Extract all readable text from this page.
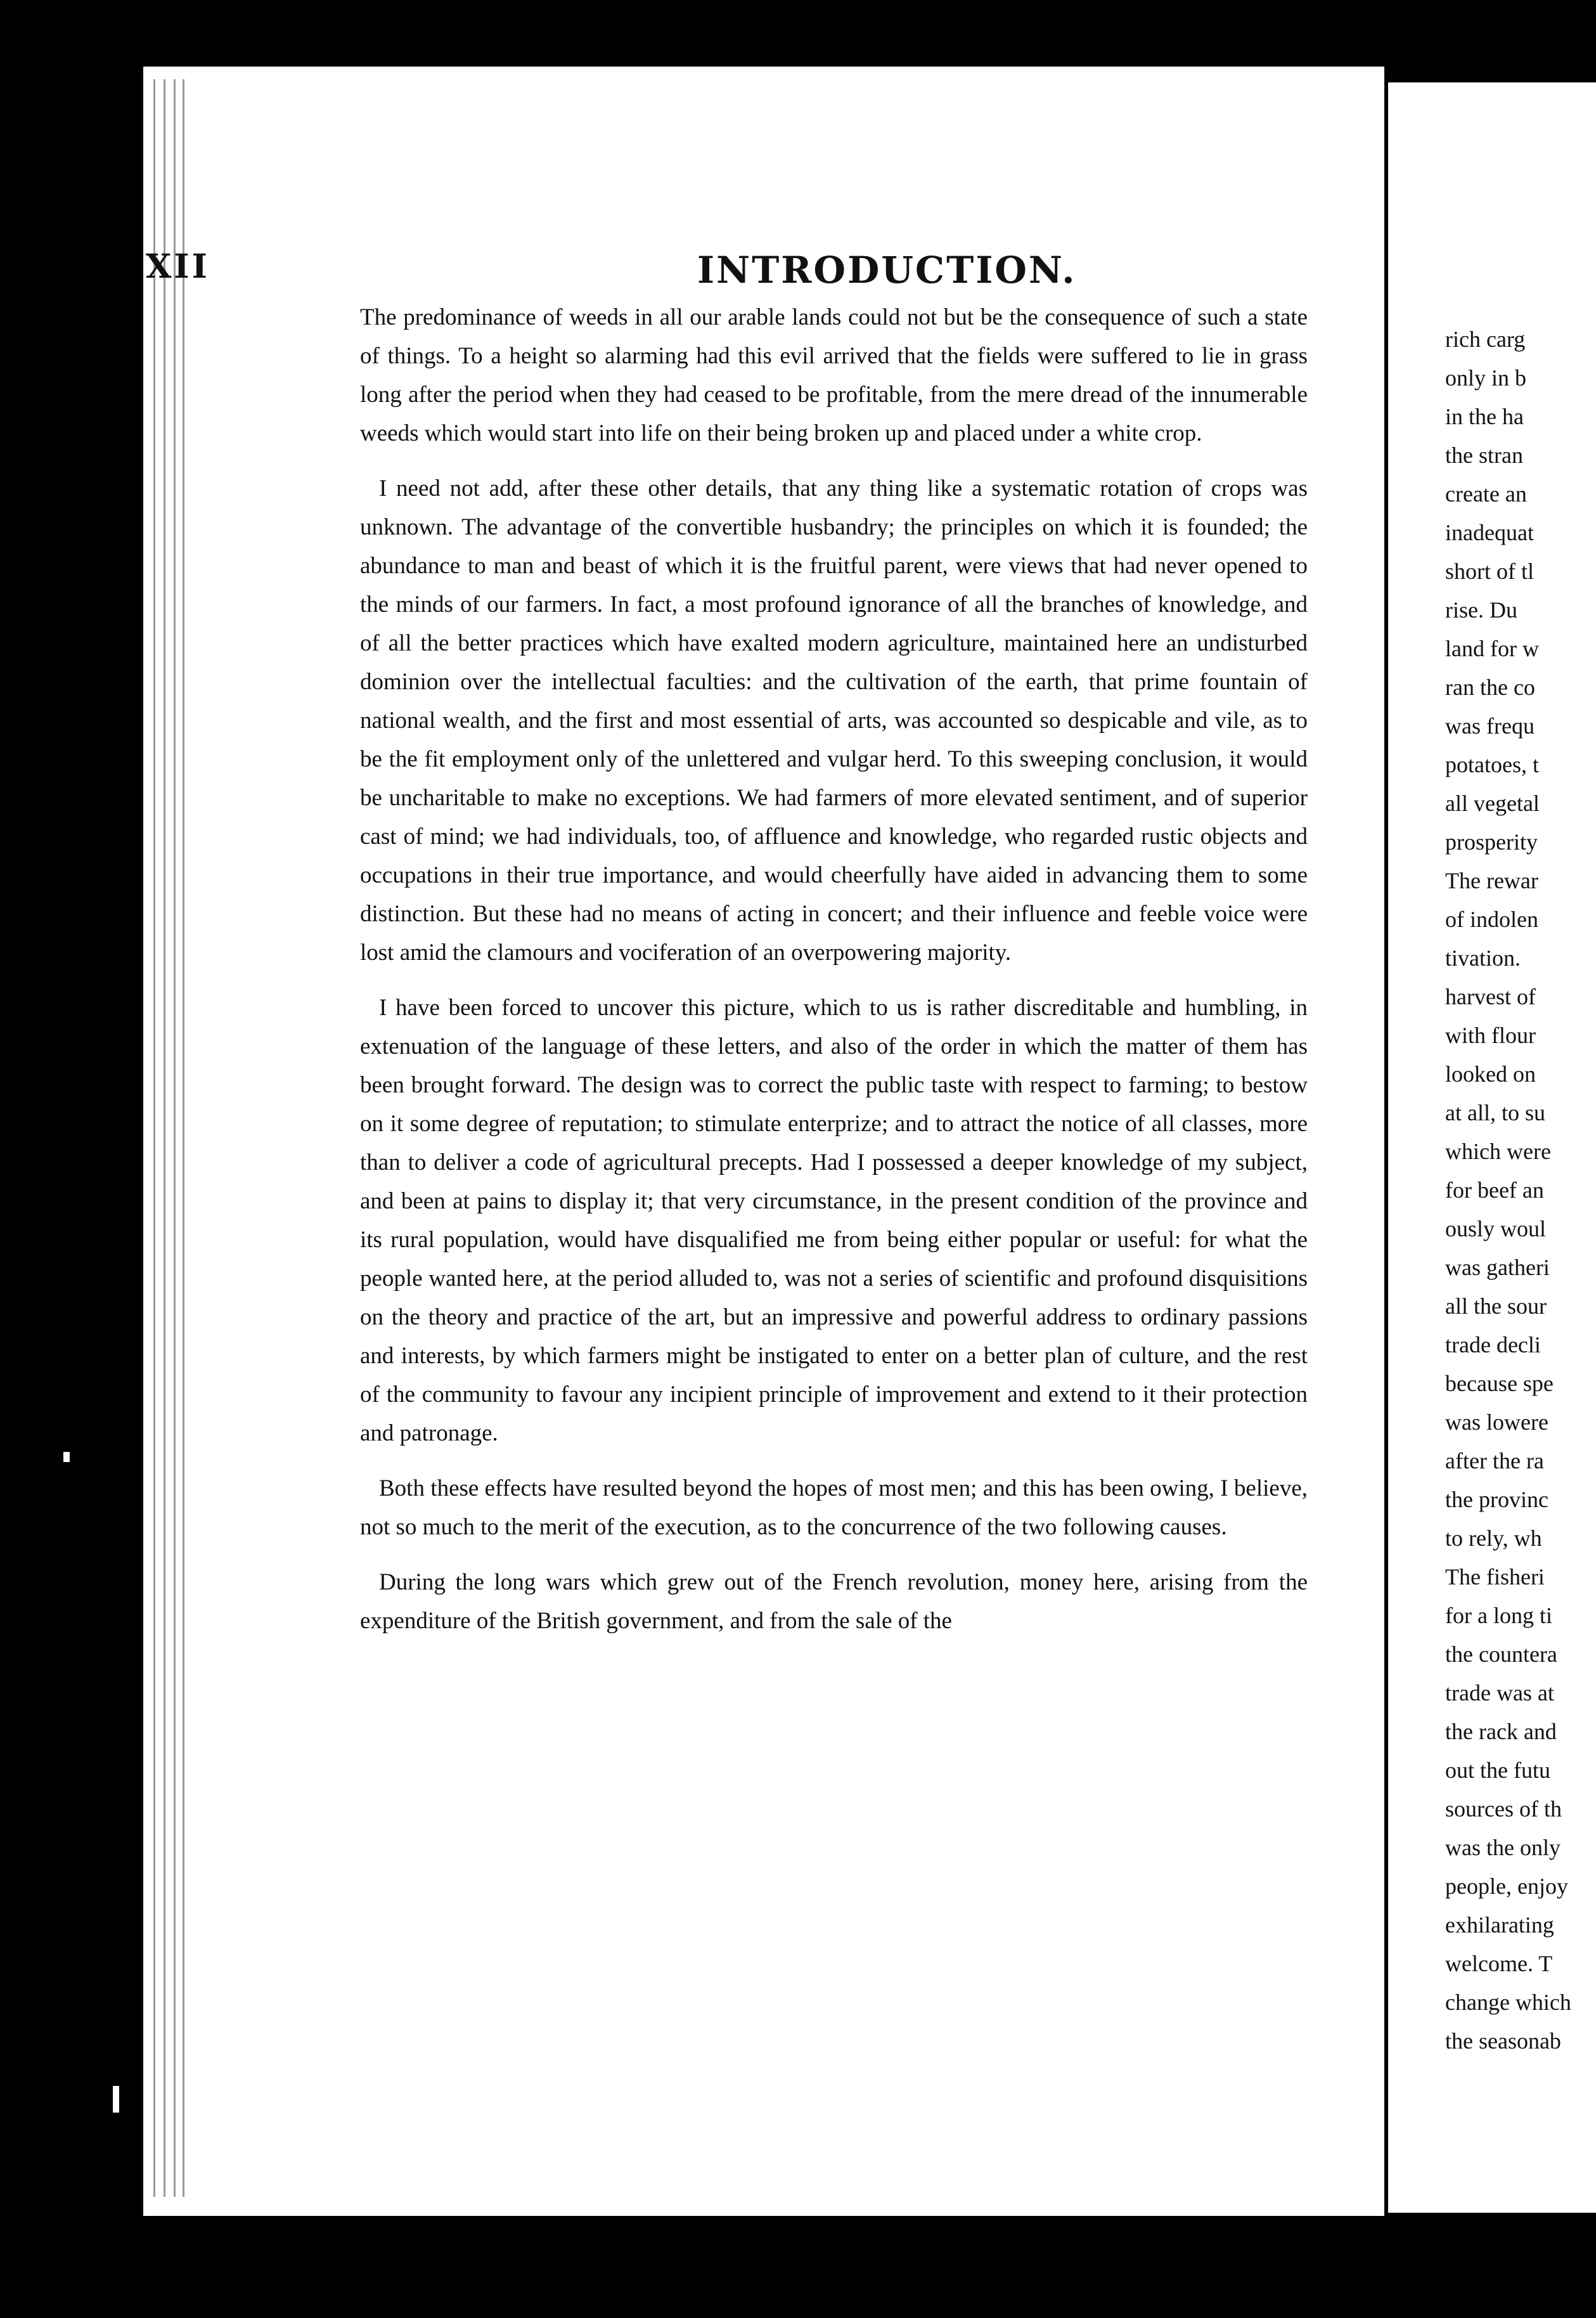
XII	INTRODUCTION.

The predominance of weeds in all our arable lands could not but be the consequence of such a state of things. To a height so alarming had this evil arrived that the fields were suffered to lie in grass long after the period when they had ceased to be profitable, from the mere dread of the innumerable weeds which would start into life on their being broken up and placed under a white crop.

I need not add, after these other details, that any thing like a systematic rotation of crops was unknown. The advantage of the convertible husbandry; the principles on which it is founded; the abundance to man and beast of which it is the fruitful parent, were views that had never opened to the minds of our farmers. In fact, a most profound ignorance of all the branches of knowledge, and of all the better practices which have exalted modern agriculture, maintained here an undisturbed dominion over the intellectual faculties: and the cultivation of the earth, that prime fountain of national wealth, and the first and most essential of arts, was accounted so despicable and vile, as to be the fit employment only of the unlettered and vulgar herd. To this sweeping conclusion, it would be uncharitable to make no exceptions. We had farmers of more elevated sentiment, and of superior cast of mind; we had individuals, too, of affluence and knowledge, who regarded rustic objects and occupations in their true importance, and would cheerfully have aided in advancing them to some distinction. But these had no means of acting in concert; and their influence and feeble voice were lost amid the clamours and vociferation of an overpowering majority.

I have been forced to uncover this picture, which to us is rather discreditable and humbling, in extenuation of the language of these letters, and also of the order in which the matter of them has been brought forward. The design was to correct the public taste with respect to farming; to bestow on it some degree of reputation; to stimulate enterprize; and to attract the notice of all classes, more than to deliver a code of agricultural precepts. Had I possessed a deeper knowledge of my subject, and been at pains to display it; that very circumstance, in the present condition of the province and its rural population, would have disqualified me from being either popular or useful: for what the people wanted here, at the period alluded to, was not a series of scientific and profound disquisitions on the theory and practice of the art, but an impressive and powerful address to ordinary passions and interests, by which farmers might be instigated to enter on a better plan of culture, and the rest of the community to favour any incipient principle of improvement and extend to it their protection and patronage.

Both these effects have resulted beyond the hopes of most men; and this has been owing, I believe, not so much to the merit of the execution, as to the concurrence of the two following causes.

During the long wars which grew out of the French revolution, money here, arising from the expenditure of the British government, and from the sale of the

rich carg
only in b
in the ha
the stran
create an
inadequat
short of tl
rise. Du
land for w
ran the co
was frequ
potatoes, t
all vegetal
prosperity
The rewar
of indolen
tivation.
harvest of
with flour
looked on
at all, to su
which were
for beef an
ously woul
was gatheri
all the sour
trade decli
because spe
was lowere
after the ra
the provinc
to rely, wh
The fisheri
for a long ti
the countera
trade was at
the rack and
out the futu
sources of th
was the only
people, enjoy
exhilarating
welcome. T
change which
the seasonab
